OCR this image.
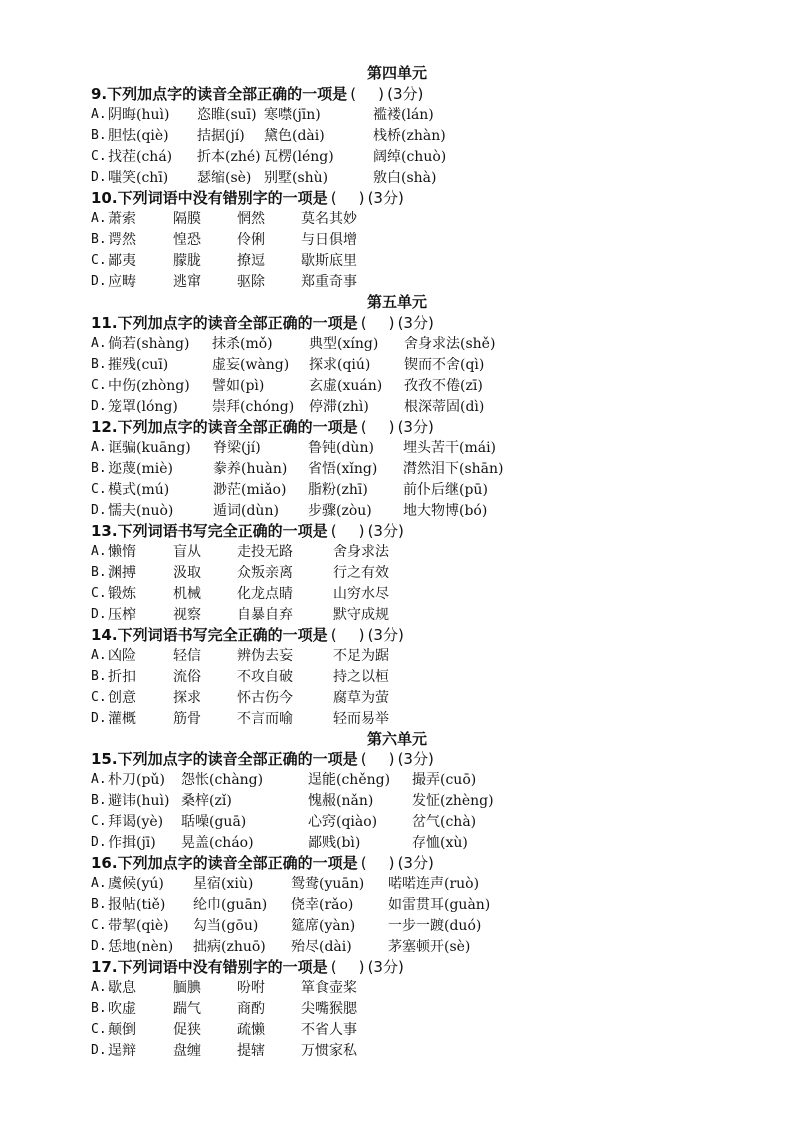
第四单元
第五单元
第六单元
9.下列加点字的读音全部正确的一项是 ( ) (3分)
A. 阴晦(huì) 恣睢(suī) 寒噤(jīn)	褴褛(lán)
B. 胆怯(qiè) 拮据(jí) 黛色(dài)	栈桥(zhàn)
C. 找茬(chá) 折本(zhé) 瓦楞(léng)	阔绰(chuò)
D. 嗤笑(chī) 瑟缩(sè) 别墅(shù)	敫白(shà)
10.下列词语中没有错别字的一项是 ( ) (3分)
A. 萧索	隔膜	惘然	莫名其妙
B. 谔然	惶恐	伶俐	与日俱增
C. 鄙夷	朦胧	撩逗	歇斯底里
D. 应畴	逃窜	驱除	郑重奇事
11.下列加点字的读音全部正确的一项是 ( ) (3分)
A. 倘若(shàng) 抹杀(mǒ)	典型(xíng) 舍身求法(shě)
B. 摧残(cuī)	虚妄(wàng) 探求(qiú) 锲而不舍(qì)
C. 中伤(zhòng) 譬如(pì)	玄虚(xuán) 孜孜不倦(zī)
D. 笼罩(lóng) 崇拜(chóng) 停滞(zhì)	根深蒂固(dì)
12.下列加点字的读音全部正确的一项是 ( ) (3分)
A. 诓骗(kuāng) 脊梁(jí)	鲁钝(dùn) 埋头苦干(mái)
B. 迩蔑(miè)	豢养(huàn) 省悟(xǐng) 潸然泪下(shān)
C. 模式(mú)	渺茫(miǎo) 脂粉(zhī)	前仆后继(pū)
D. 懦夫(nuò)	遁词(dùn) 步骤(zòu) 地大物博(bó)
13.下列词语书写完全正确的一项是 ( ) (3分)
A. 懒惰	盲从	走投无路	舍身求法
B. 渊搏	汲取	众叛亲离	行之有效
C. 锻炼	机械	化龙点睛	山穷水尽
D. 压榨	视察	自暴自弃	默守成规
14.下列词语书写完全正确的一项是 ( ) (3分)
A. 凶险	轻信	辨伪去妄	不足为踞
B. 折扣	流俗	不攻自破	持之以桓
C. 创意	探求	怀古伤今	腐草为萤
D. 灌概	筋骨	不言而喻	轻而易举
15.下列加点字的读音全部正确的一项是 ( ) (3分)
A. 朴刀(pǔ) 怨怅(chàng)	逞能(chěng) 撮弄(cuō)
B. 避讳(huì) 桑梓(zǐ)	愧赧(nǎn)	发怔(zhèng)
C. 拜谒(yè) 聒噪(guā)	心窍(qiào) 岔气(chà)
D. 作揖(jī) 晃盖(cháo)	鄙贱(bì)	存恤(xù)
16.下列加点字的读音全部正确的一项是 ( ) (3分)
A. 虞候(yú) 星宿(xiù)	鸳鸯(yuān) 喏喏连声(ruò)
B. 报帖(tiě) 纶巾(guān) 侥幸(rǎo) 如雷贯耳(guàn)
C. 带挈(qiè) 勾当(gōu) 筵席(yàn) 一步一踱(duó)
D. 恁地(nèn) 拙病(zhuō) 殆尽(dài)	茅塞顿开(sè)
17.下列词语中没有错别字的一项是 ( ) (3分)
A. 歇息	腼腆	吩咐	箪食壶桨
B. 吹虚	踹气	商酌	尖嘴猴腮
C. 颠倒	促狭	疏懒	不省人事
D. 逞辩	盘缠	提辖	万惯家私
